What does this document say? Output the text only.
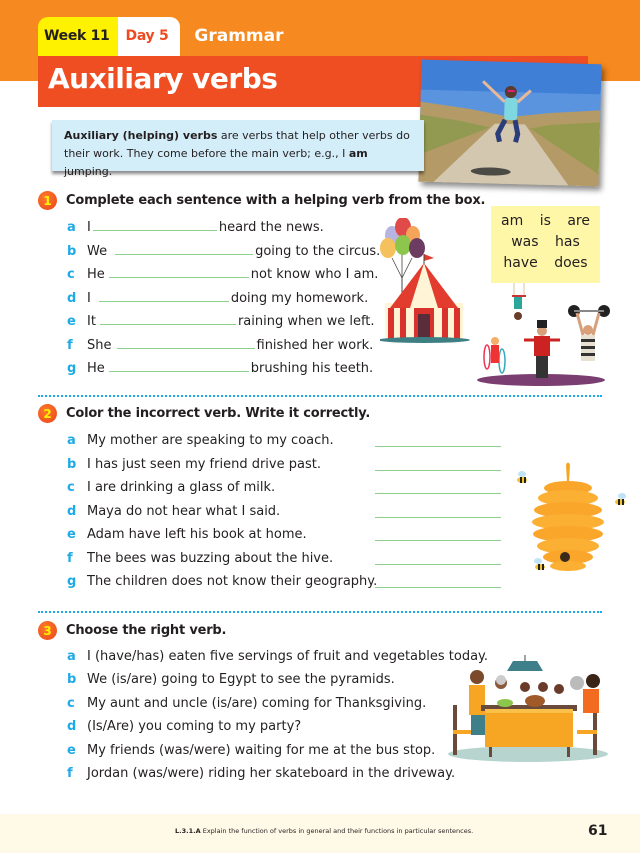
Week 11	Day 5	Grammar
Auxiliary verbs
Auxiliary (helping) verbs are verbs that help other verbs do their work. They come before the main verb; e.g., I am jumping.
1	Complete each sentence with a helping verb from the box.
a I	heard the news.
b We	going to the circus.
c He	not know who I am.
d I	doing my homework.
e It	raining when we left.
f	She	finished her work.
g He	brushing his teeth.
am is are
was has
have does
2	Color the incorrect verb. Write it correctly.
a My mother are speaking to my coach.
b I has just seen my friend drive past.
c I are drinking a glass of milk.
d Maya do not hear what I said.
e Adam have left his book at home.
f	The bees was buzzing about the hive.
g The children does not know their geography.
3	Choose the right verb.
a I (have/has) eaten five servings of fruit and vegetables today.
b We (is/are) going to Egypt to see the pyramids.
c My aunt and uncle (is/are) coming for Thanksgiving.
d (Is/Are) you coming to my party?
e My friends (was/were) waiting for me at the bus stop.
f	Jordan (was/were) riding her skateboard in the driveway.
L.3.1.A Explain the function of verbs in general and their functions in particular sentences.	61
